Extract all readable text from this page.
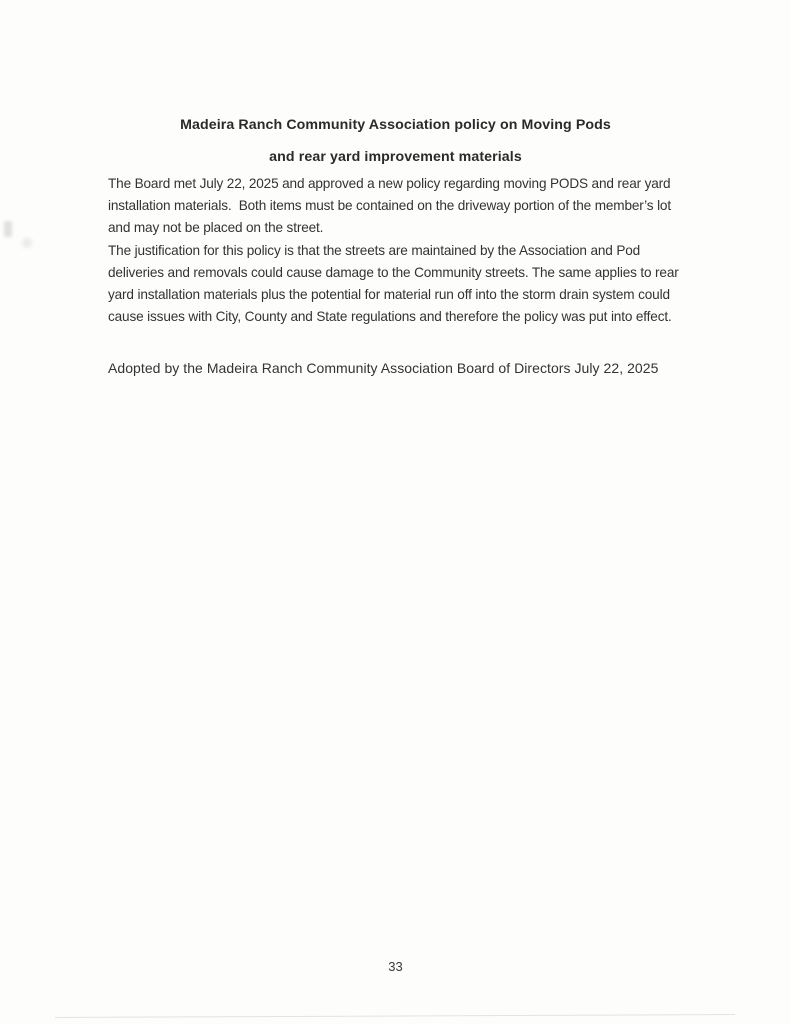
Madeira Ranch Community Association policy on Moving Pods
and rear yard improvement materials
The Board met July 22, 2025 and approved a new policy regarding moving PODS and rear yard
installation materials.  Both items must be contained on the driveway portion of the member’s lot
and may not be placed on the street.
The justification for this policy is that the streets are maintained by the Association and Pod
deliveries and removals could cause damage to the Community streets. The same applies to rear
yard installation materials plus the potential for material run off into the storm drain system could
cause issues with City, County and State regulations and therefore the policy was put into effect.
Adopted by the Madeira Ranch Community Association Board of Directors July 22, 2025
33
